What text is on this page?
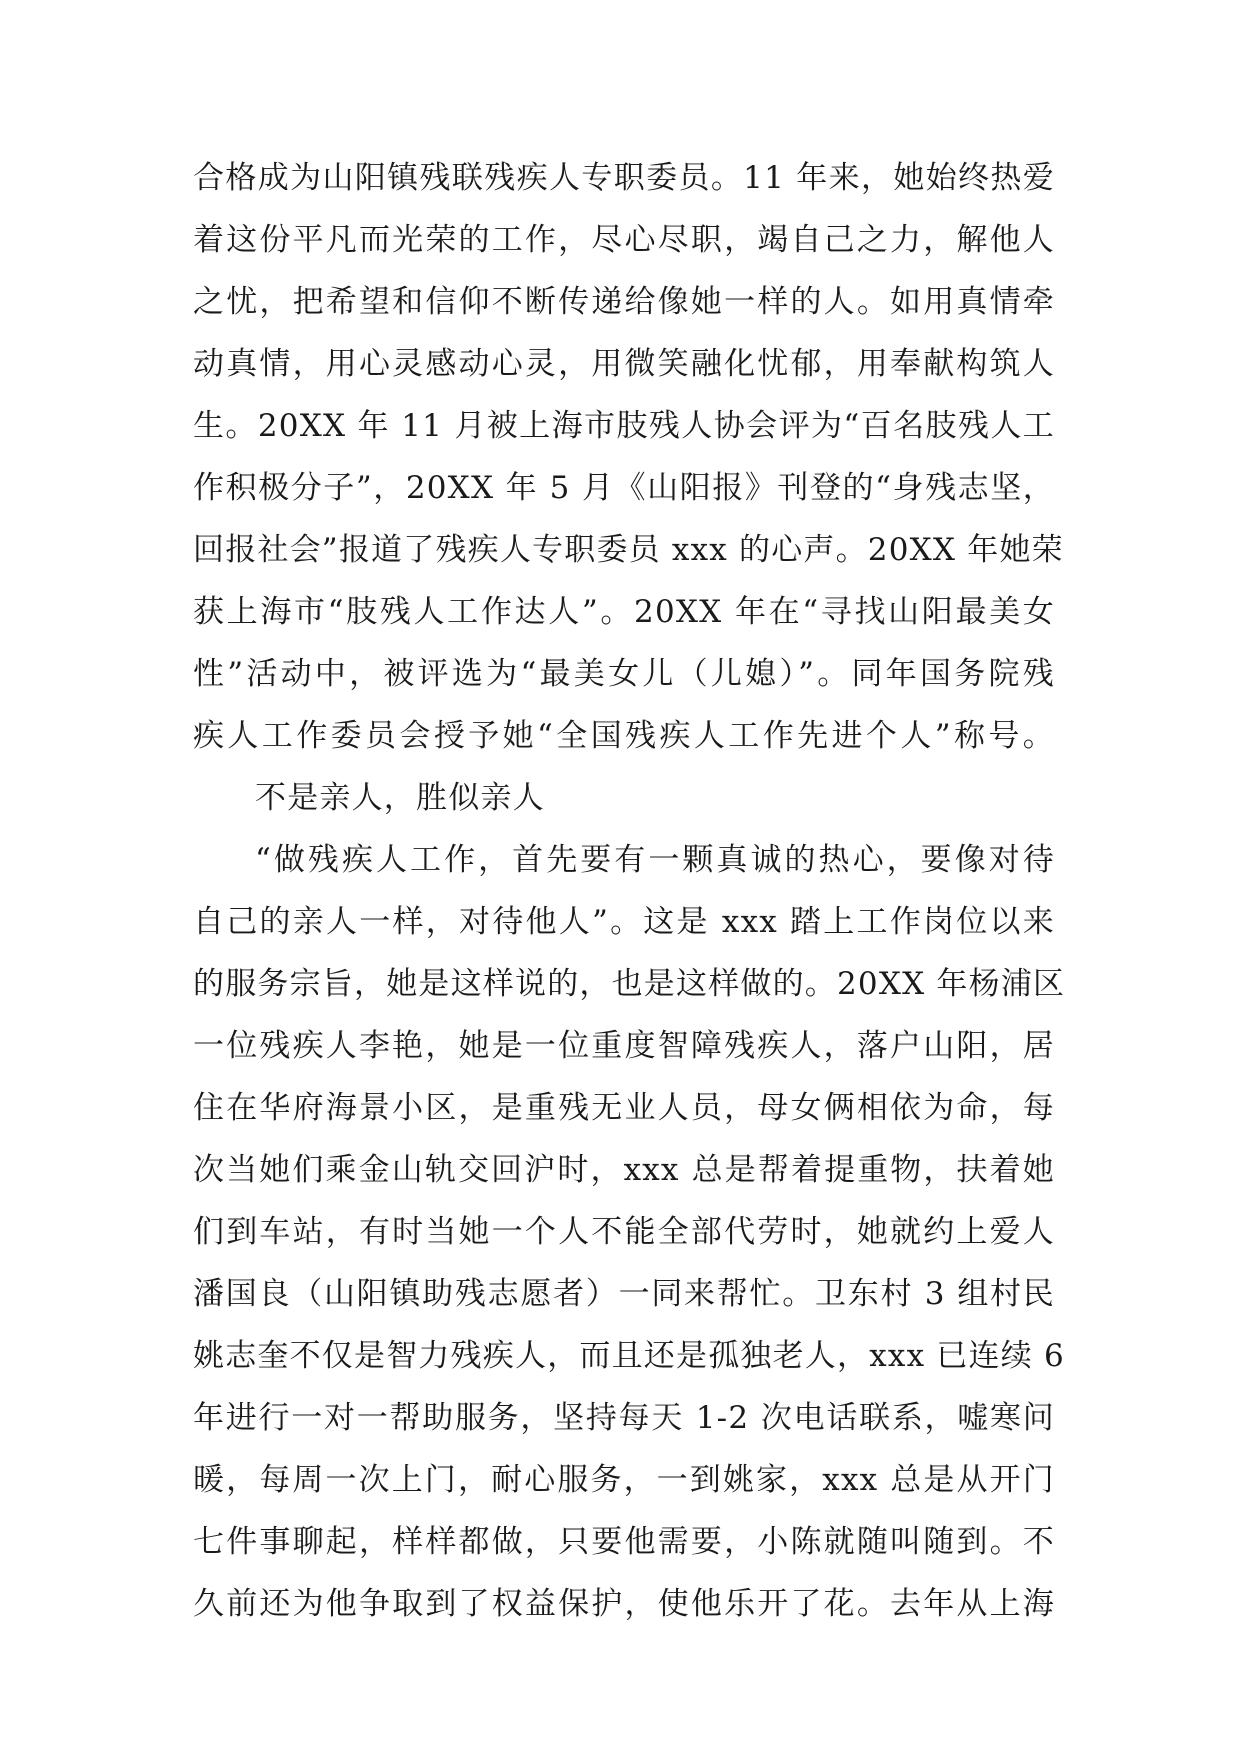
合格成为山阳镇残联残疾人专职委员。11 年来，她始终热爱
着这份平凡而光荣的工作，尽心尽职，竭自己之力，解他人
之忧，把希望和信仰不断传递给像她一样的人。如用真情牵
动真情，用心灵感动心灵，用微笑融化忧郁，用奉献构筑人
生。20XX 年 11 月被上海市肢残人协会评为“百名肢残人工
作积极分子”，20XX 年 5 月《山阳报》刊登的“身残志坚，
回报社会”报道了残疾人专职委员 xxx 的心声。20XX 年她荣
获上海市“肢残人工作达人”。20XX 年在“寻找山阳最美女
性”活动中，被评选为“最美女儿（儿媳）”。同年国务院残
疾人工作委员会授予她“全国残疾人工作先进个人”称号。
不是亲人，胜似亲人
“做残疾人工作，首先要有一颗真诚的热心，要像对待
自己的亲人一样，对待他人”。这是 xxx 踏上工作岗位以来
的服务宗旨，她是这样说的，也是这样做的。20XX 年杨浦区
一位残疾人李艳，她是一位重度智障残疾人，落户山阳，居
住在华府海景小区，是重残无业人员，母女俩相依为命，每
次当她们乘金山轨交回沪时，xxx 总是帮着提重物，扶着她
们到车站，有时当她一个人不能全部代劳时，她就约上爱人
潘国良（山阳镇助残志愿者）一同来帮忙。卫东村 3 组村民
姚志奎不仅是智力残疾人，而且还是孤独老人，xxx 已连续 6
年进行一对一帮助服务，坚持每天 1-2 次电话联系，嘘寒问
暖，每周一次上门，耐心服务，一到姚家，xxx 总是从开门
七件事聊起，样样都做，只要他需要，小陈就随叫随到。不
久前还为他争取到了权益保护，使他乐开了花。去年从上海
